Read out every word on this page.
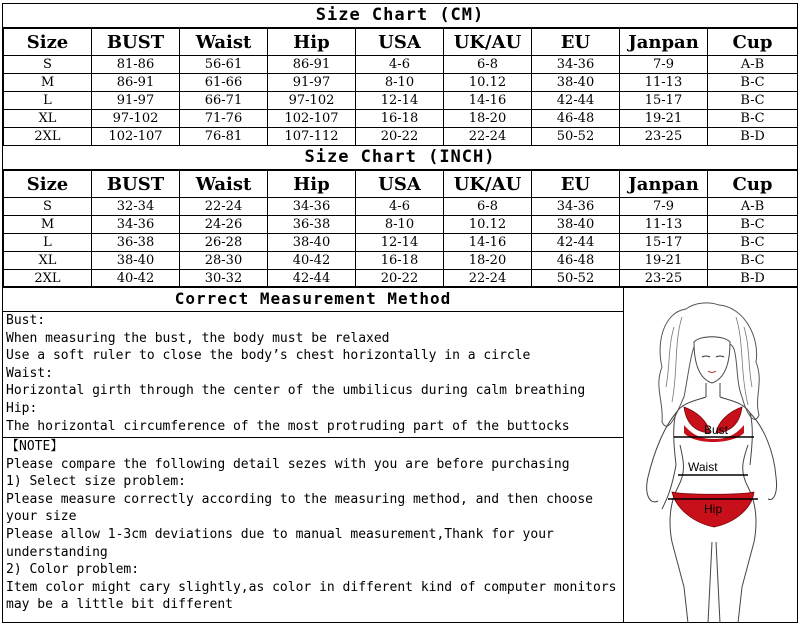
Size Chart (CM)
Size	BUST	Waist	Hip	USA	UK/AU	EU	Janpan	Cup
S	81-86	56-61	86-91	4-6	6-8	34-36	7-9	A-B
M	86-91	61-66	91-97	8-10	10.12	38-40	11-13	B-C
L	91-97	66-71	97-102	12-14	14-16	42-44	15-17	B-C
XL	97-102	71-76	102-107	16-18	18-20	46-48	19-21	B-C
2XL	102-107	76-81	107-112	20-22	22-24	50-52	23-25	B-D
Size Chart (INCH)
Size	BUST	Waist	Hip	USA	UK/AU	EU	Janpan	Cup
S	32-34	22-24	34-36	4-6	6-8	34-36	7-9	A-B
M	34-36	24-26	36-38	8-10	10.12	38-40	11-13	B-C
L	36-38	26-28	38-40	12-14	14-16	42-44	15-17	B-C
XL	38-40	28-30	40-42	16-18	18-20	46-48	19-21	B-C
2XL	40-42	30-32	42-44	20-22	22-24	50-52	23-25	B-D
Correct Measurement Method
Bust:
When measuring the bust, the body must be relaxed
Use a soft ruler to close the body’s chest horizontally in a circle
Waist:
Horizontal girth through the center of the umbilicus during calm breathing
Hip:
The horizontal circumference of the most protruding part of the buttocks
【NOTE】
Please compare the following detail sezes with you are before purchasing
1) Select size problem:
Please measure correctly according to the measuring method, and then choose your size
Please allow 1-3cm deviations due to manual measurement,Thank for your understanding
2) Color problem:
Item color might cary slightly,as color in different kind of computer monitors may be a little bit different
Bust
Waist
Hip
